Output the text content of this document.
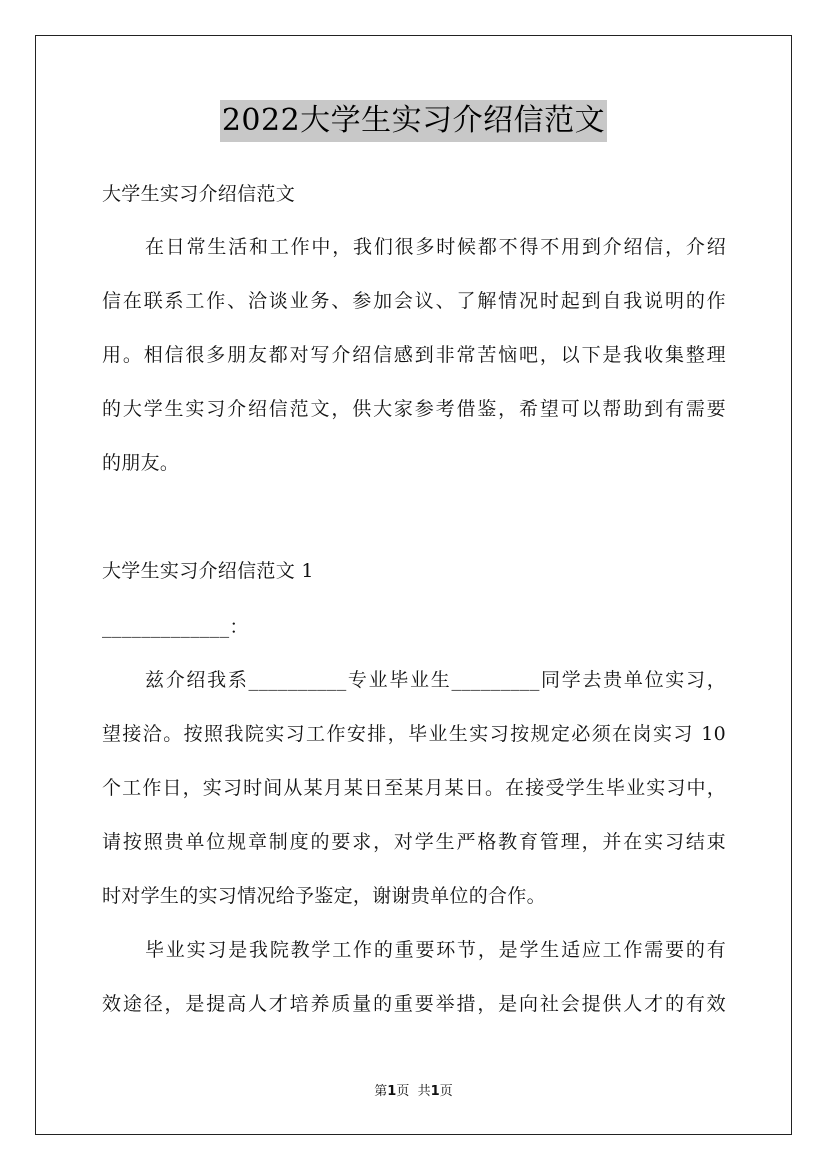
2022大学生实习介绍信范文
大学生实习介绍信范文
在日常生活和工作中，我们很多时候都不得不用到介绍信，介绍
信在联系工作、洽谈业务、参加会议、了解情况时起到自我说明的作
用。相信很多朋友都对写介绍信感到非常苦恼吧，以下是我收集整理
的大学生实习介绍信范文，供大家参考借鉴，希望可以帮助到有需要
的朋友。
大学生实习介绍信范文 1
_____________：
兹介绍我系__________专业毕业生_________同学去贵单位实习，
望接洽。按照我院实习工作安排，毕业生实习按规定必须在岗实习 10
个工作日，实习时间从某月某日至某月某日。在接受学生毕业实习中，
请按照贵单位规章制度的要求，对学生严格教育管理，并在实习结束
时对学生的实习情况给予鉴定，谢谢贵单位的合作。
毕业实习是我院教学工作的重要环节，是学生适应工作需要的有
效途径，是提高人才培养质量的重要举措，是向社会提供人才的有效
第1页 共1页
